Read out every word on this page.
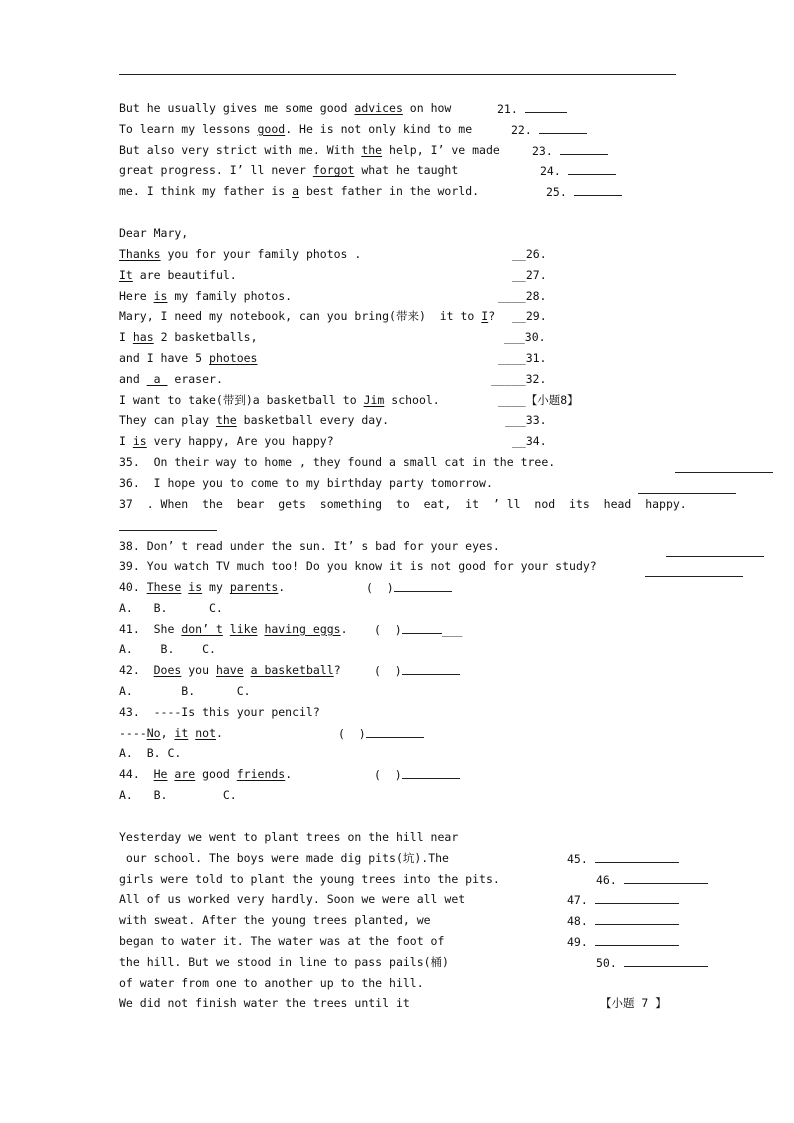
But he usually gives me some good advices on how	21.
To learn my lessons good. He is not only kind to me	22.
But also very strict with me. With the help, I’ ve made	23.
great progress. I’ ll never forgot what he taught	24.
me. I think my father is a best father in the world.	25.
Dear Mary,
Thanks you for your family photos .	__26.
It are beautiful.	__27.
Here is my family photos.	____28.
Mary, I need my notebook, can you bring(带来)  it to I? __29.
I has 2 basketballs,	___30.
and I have 5 photoes	____31.
and  a  eraser.	_____32.
I want to take(带到)a basketball to Jim school.	____【小题8】
They can play the basketball every day.	___33.
I is very happy, Are you happy?	__34.
35.  On their way to home , they found a small cat in the tree.
36.  I hope you to come to my birthday party tomorrow.
37  . When  the  bear  gets  something  to  eat,  it  ’ ll  nod  its  head  happy.
38. Don’ t read under the sun. It’ s bad for your eyes.
39. You watch TV much too! Do you know it is not good for your study?
40. These is my parents.	(  )
A.   B.      C.
41.  She don’ t like having eggs. (  )	___
A.    B.    C.
42.  Does you have a basketball?	(  )
A.       B.      C.
43.  ----Is this your pencil?
----No, it not.	(  )
A.  B. C.
44.  He are good friends.	(  )
A.   B.        C.
Yesterday we went to plant trees on the hill near
our school. The boys were made dig pits(坑).The	45.
girls were told to plant the young trees into the pits.	46.
All of us worked very hardly. Soon we were all wet	47.
with sweat. After the young trees planted, we	48.
began to water it. The water was at the foot of	49.
the hill. But we stood in line to pass pails(桶)	50.
of water from one to another up to the hill.
We did not finish water the trees until it	【小题 7 】
